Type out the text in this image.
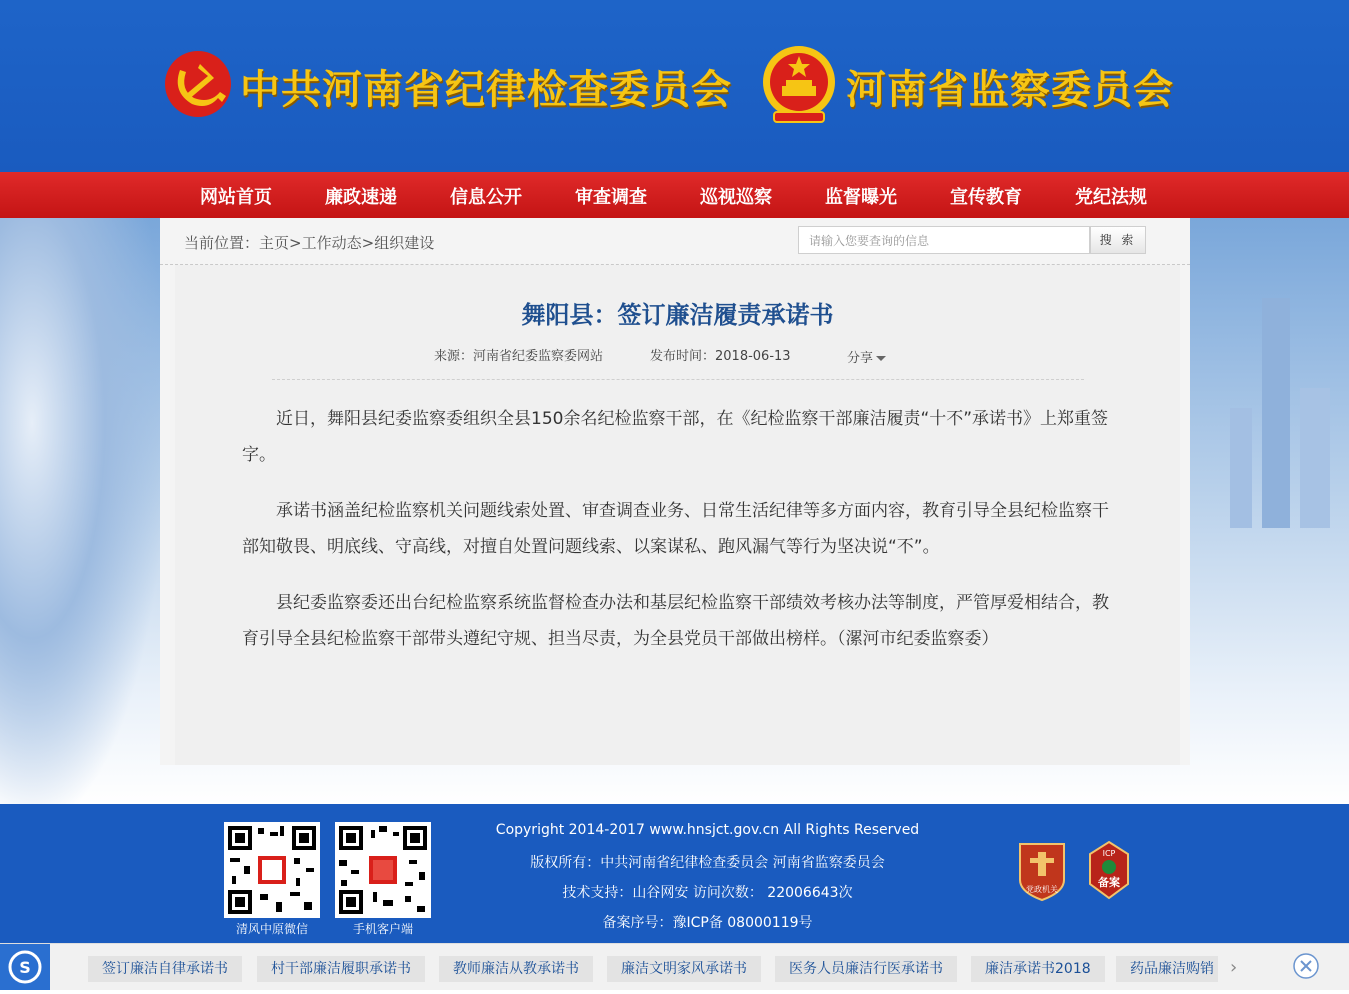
中共河南省纪律检查委员会	河南省监察委员会
网站首页	廉政速递	信息公开	审查调查	巡视巡察	监督曝光	宣传教育	党纪法规
当前位置：主页>工作动态>组织建设	请输入您要查询的信息	搜 索
舞阳县：签订廉洁履责承诺书
来源：河南省纪委监察委网站	发布时间：2018-06-13	分享

近日，舞阳县纪委监察委组织全县150余名纪检监察干部，在《纪检监察干部廉洁履责“十不”承诺书》上郑重签字。

承诺书涵盖纪检监察机关问题线索处置、审查调查业务、日常生活纪律等多方面内容，教育引导全县纪检监察干部知敬畏、明底线、守高线，对擅自处置问题线索、以案谋私、跑风漏气等行为坚决说“不”。

县纪委监察委还出台纪检监察系统监督检查办法和基层纪检监察干部绩效考核办法等制度，严管厚爱相结合，教育引导全县纪检监察干部带头遵纪守规、担当尽责，为全县党员干部做出榜样。（漯河市纪委监察委）

清风中原微信	手机客户端
Copyright 2014-2017 www.hnsjct.gov.cn All Rights Reserved
版权所有：中共河南省纪律检查委员会 河南省监察委员会
技术支持：山谷网安 访问次数： 22006643次
备案序号：豫ICP备 08000119号
党政机关
ICP
备案
S	签订廉洁自律承诺书	村干部廉洁履职承诺书	教师廉洁从教承诺书	廉洁文明家风承诺书	医务人员廉洁行医承诺书	廉洁承诺书2018	药品廉洁购销 ›
